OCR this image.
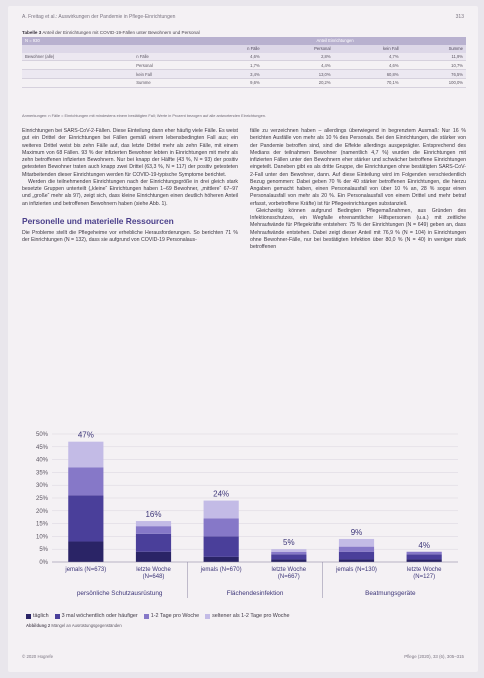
A. Freitag et al.: Auswirkungen der Pandemie in Pflege-Einrichtungen	313
Tabelle 3 Anteil der Einrichtungen mit COVID-19-Fällen unter Bewohnern und Personal
N = 930		Anteil Einrichtungen			
		n Fälle	Personal	kein Fall	Summe
Bewohner (alle)	n Fälle	4,6%	2,8%	4,7%	11,9%
	Personal	1,7%	4,4%	4,6%	10,7%
	kein Fall	3,4%	13,0%	60,8%	76,5%
	Summe	9,6%	20,2%	70,1%	100,0%
Anmerkungen: n Fälle = Einrichtungen mit mindestens einem bestätigten Fall; Werte in Prozent bezogen auf alle antwortenden Einrichtungen.

Einrichtungen bei SARS-CoV-2-Fällen. Diese Einteilung dann eher häufig viele Fälle. Es weist gut ein Drittel der Einrichtungen bei Fällen gemäß einem lebensbedingten Fall aus; ein weiteres Drittel weist bis zehn Fälle auf, das letzte Drittel mehr als zehn Fälle, mit einem Maximum von 68 Fällen. 93 % der infizierten Bewohner lebten in Einrichtungen mit mehr als zehn betroffenen infizierten Bewohnern. Nur bei knapp der Hälfte (43 %, N = 93) der positiv getesteten Bewohner traten auch knapp zwei Drittel (63,3 %, N = 117) der positiv getesteten Mitarbeitenden dieser Einrichtungen werden für COVID-19-typische Symptome berichtet.

Werden die teilnehmenden Einrichtungen nach der Einrichtungsgröße in drei gleich stark besetzte Gruppen unterteilt („kleine“ Einrichtungen haben 1–69 Bewohner, „mittlere“ 67–97 und „große“ mehr als 97), zeigt sich, dass kleine Einrichtungen einen deutlich höheren Anteil an infizierten und betroffenen Bewohnern haben (siehe Abb. 1).

Personelle und materielle Ressourcen

Die Probleme stellt die Pflegeheime vor erhebliche Herausforderungen. So berichten 71 % der Einrichtungen (N = 132), dass sie aufgrund von COVID-19 Personalaus-

fälle zu verzeichnen haben – allerdings überwiegend in begrenztem Ausmaß: Nur 16 % berichten Ausfälle von mehr als 10 % des Personals. Bei den Einrichtungen, die stärker von der Pandemie betroffen sind, sind die Effekte allerdings ausgeprägter. Entsprechend des Medians der teilnahmen Bewohner (namentlich 4,7 %) wurden die Einrichtungen mit infizierten Fällen unter den Bewohnern eher stärker und schwächer betroffene Einrichtungen eingeteilt. Daneben gibt es als dritte Gruppe, die Einrichtungen ohne bestätigten SARS-CoV-2-Fall unter den Bewohner, dann. Auf diese Einteilung wird im Folgenden verschiedentlich Bezug genommen: Dabei geben 70 % der 40 stärker betroffenen Einrichtungen, die hierzu Angaben gemacht haben, einen Personalausfall von über 10 % an, 28 % sogar einen Personalausfall von mehr als 20 %. Ein Personalausfall von einem Drittel und mehr betraf erfasst, vorbetroffene Kräfte) ist für Pflegeeinrichtungen substanziell.

Gleichzeitig können aufgrund Bedingten Pflegemaßnahmen, aus Gründen des Infektionsschutzes, ein Wegfalle ehrenamtlicher Hilfspersonen (u.a.) mit zeitliche Mehraufwände für Pflegekräfte entstehen: 75 % der Einrichtungen (N = 649) geben an, dass Mehraufwände entstehen. Dabei zeigt dieser Anteil mit 76,9 % (N = 104) in Einrichtungen ohne Bewohner-Fälle, nur bei bestätigten Infektion über 80,0 % (N = 40) in weniger stark betroffenen

50%
45%
40%
35%
30%
25%
20%
15%
10%
5%
0%
47%
jemals (N=673)
16%
letzte Woche
(N=648)
24%
jemals (N=670)
5%
letzte Woche
(N=667)
9%
jemals (N=130)
4%
letzte Woche
(N=127)
persönliche Schutzausrüstung	Flächendesinfektion	Beatmungsgeräte
täglich 3 mal wöchentlich oder häufiger 1-2 Tage pro Woche seltener als 1-2 Tage pro Woche
Abbildung 2 Mängel an Ausrüstungsgegenständen
© 2020 Hogrefe	Pflege (2020), 33 (6), 305–315
